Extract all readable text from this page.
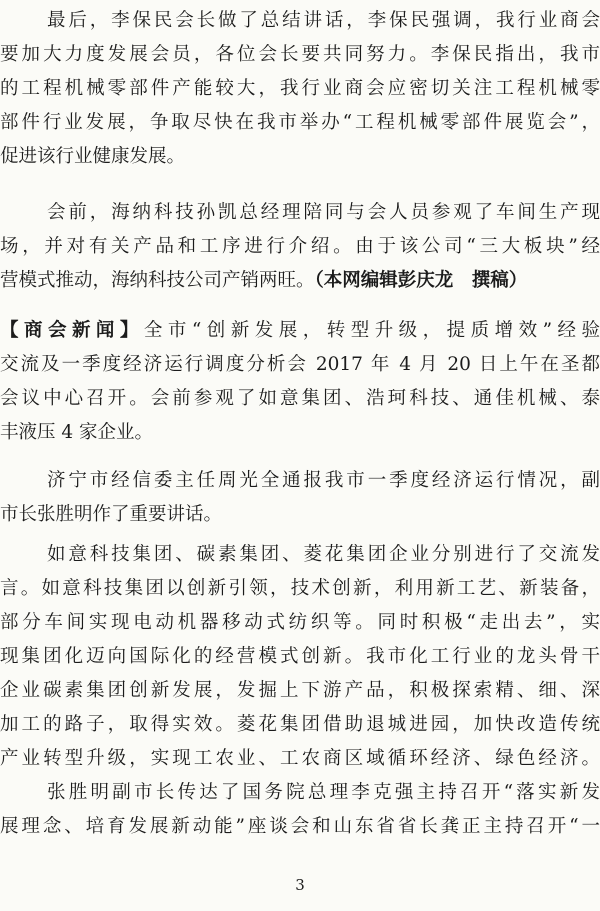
最后，李保民会长做了总结讲话，李保民强调，我行业商会
要加大力度发展会员，各位会长要共同努力。李保民指出，我市
的工程机械零部件产能较大，我行业商会应密切关注工程机械零
部件行业发展，争取尽快在我市举办“工程机械零部件展览会”，
促进该行业健康发展。
会前，海纳科技孙凯总经理陪同与会人员参观了车间生产现
场，并对有关产品和工序进行介绍。由于该公司“三大板块”经
营模式推动，海纳科技公司产销两旺。（本网编辑彭庆龙　撰稿）
【商会新闻】全市“创新发展，转型升级，提质增效”经验
交流及一季度经济运行调度分析会 2017 年 4 月 20 日上午在圣都
会议中心召开。会前参观了如意集团、浩珂科技、通佳机械、泰
丰液压 4 家企业。
济宁市经信委主任周光全通报我市一季度经济运行情况，副
市长张胜明作了重要讲话。
如意科技集团、碳素集团、菱花集团企业分别进行了交流发
言。如意科技集团以创新引领，技术创新，利用新工艺、新装备，
部分车间实现电动机器移动式纺织等。同时积极“走出去”，实
现集团化迈向国际化的经营模式创新。我市化工行业的龙头骨干
企业碳素集团创新发展，发掘上下游产品，积极探索精、细、深
加工的路子，取得实效。菱花集团借助退城进园，加快改造传统
产业转型升级，实现工农业、工农商区域循环经济、绿色经济。
张胜明副市长传达了国务院总理李克强主持召开“落实新发
展理念、培育发展新动能”座谈会和山东省省长龚正主持召开“一
3
